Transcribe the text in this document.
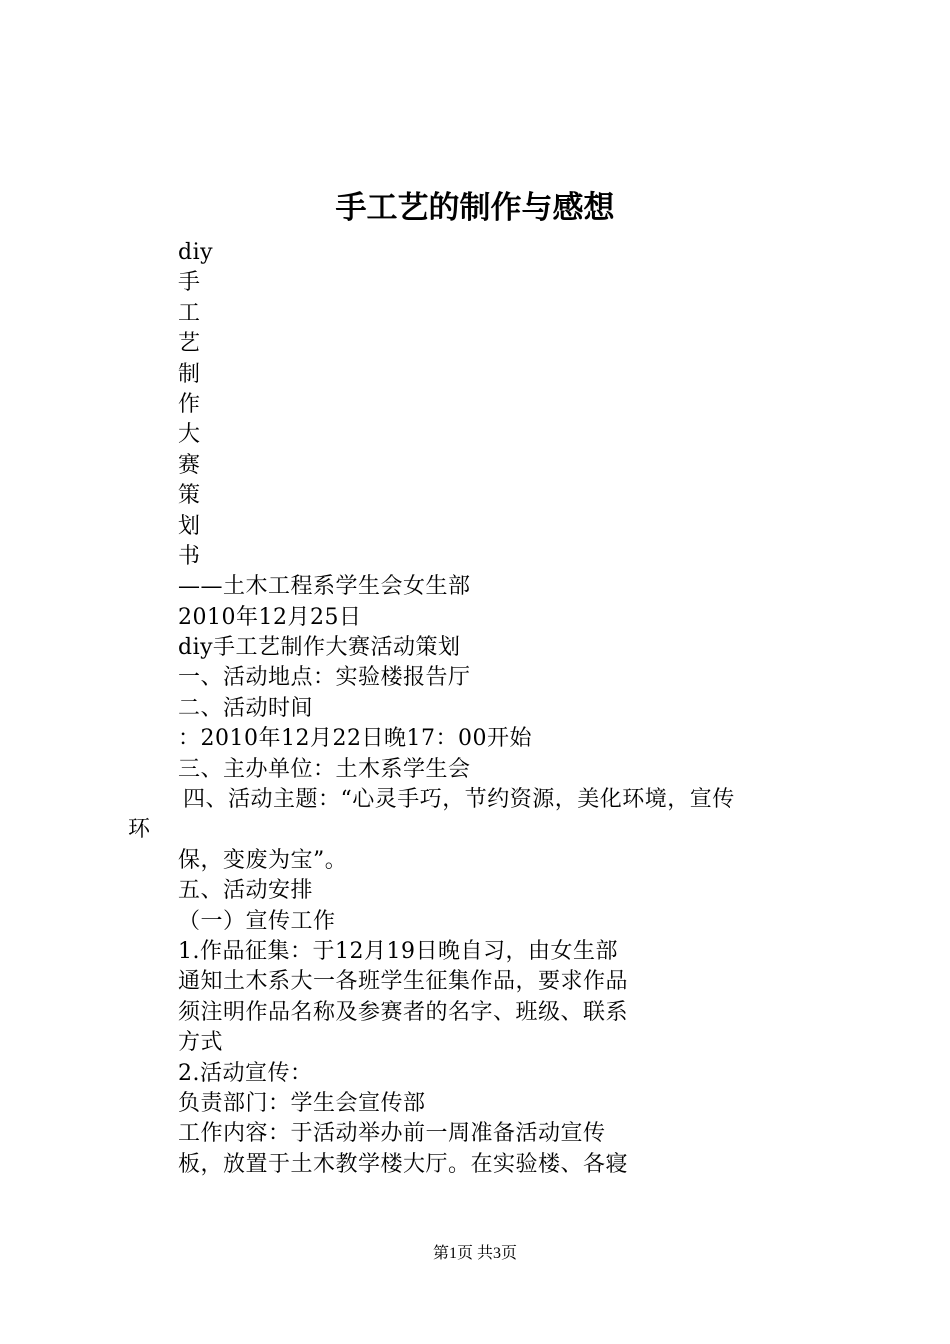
手工艺的制作与感想
diy
手
工
艺
制
作
大
赛
策
划
书
——土木工程系学生会女生部
2010年12月25日
diy手工艺制作大赛活动策划
一、活动地点：实验楼报告厅
二、活动时间
：2010年12月22日晚17：00开始
三、主办单位：土木系学生会
四、活动主题：“心灵手巧，节约资源，美化环境，宣传
环
保，变废为宝”。
五、活动安排
（一）宣传工作
1.作品征集：于12月19日晚自习，由女生部
通知土木系大一各班学生征集作品，要求作品
须注明作品名称及参赛者的名字、班级、联系
方式
2.活动宣传：
负责部门：学生会宣传部
工作内容：于活动举办前一周准备活动宣传
板，放置于土木教学楼大厅。在实验楼、各寝
第1页 共3页
